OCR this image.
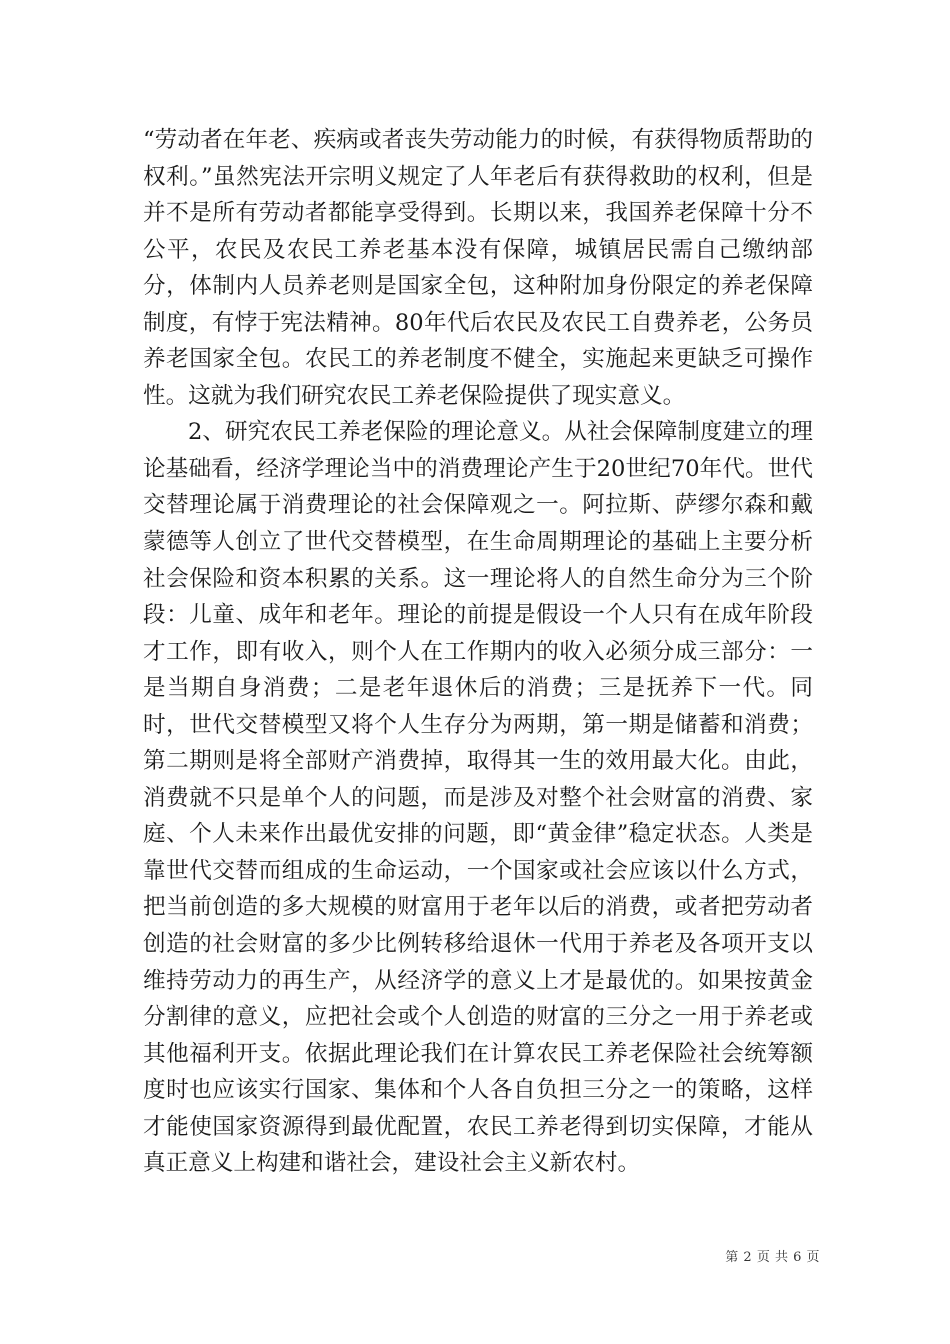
“劳动者在年老、疾病或者丧失劳动能力的时候，有获得物质帮助的权利。”虽然宪法开宗明义规定了人年老后有获得救助的权利，但是并不是所有劳动者都能享受得到。长期以来，我国养老保障十分不公平，农民及农民工养老基本没有保障，城镇居民需自己缴纳部分，体制内人员养老则是国家全包，这种附加身份限定的养老保障制度，有悖于宪法精神。80年代后农民及农民工自费养老，公务员养老国家全包。农民工的养老制度不健全，实施起来更缺乏可操作性。这就为我们研究农民工养老保险提供了现实意义。

2、研究农民工养老保险的理论意义。从社会保障制度建立的理论基础看，经济学理论当中的消费理论产生于20世纪70年代。世代交替理论属于消费理论的社会保障观之一。阿拉斯、萨缪尔森和戴蒙德等人创立了世代交替模型，在生命周期理论的基础上主要分析社会保险和资本积累的关系。这一理论将人的自然生命分为三个阶段：儿童、成年和老年。理论的前提是假设一个人只有在成年阶段才工作，即有收入，则个人在工作期内的收入必须分成三部分：一是当期自身消费；二是老年退休后的消费；三是抚养下一代。同时，世代交替模型又将个人生存分为两期，第一期是储蓄和消费；第二期则是将全部财产消费掉，取得其一生的效用最大化。由此，消费就不只是单个人的问题，而是涉及对整个社会财富的消费、家庭、个人未来作出最优安排的问题，即“黄金律”稳定状态。人类是靠世代交替而组成的生命运动，一个国家或社会应该以什么方式，把当前创造的多大规模的财富用于老年以后的消费，或者把劳动者创造的社会财富的多少比例转移给退休一代用于养老及各项开支以维持劳动力的再生产，从经济学的意义上才是最优的。如果按黄金分割律的意义，应把社会或个人创造的财富的三分之一用于养老或其他福利开支。依据此理论我们在计算农民工养老保险社会统筹额度时也应该实行国家、集体和个人各自负担三分之一的策略，这样才能使国家资源得到最优配置，农民工养老得到切实保障，才能从真正意义上构建和谐社会，建设社会主义新农村。

第 2 页 共 6 页
